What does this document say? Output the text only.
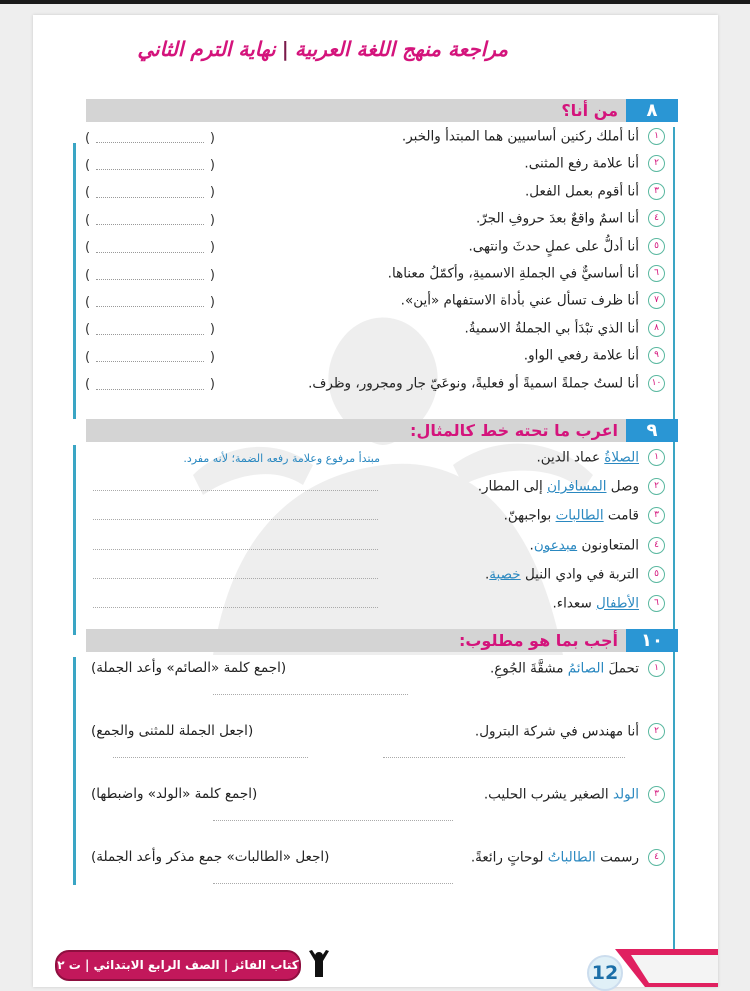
مراجعة منهج اللغة العربية|نهاية الترم الثاني
٨
من أنا؟
١أنا أملك ركنين أساسيين هما المبتدأ والخبر.
(	)
٢أنا علامة رفع المثنى.
(	)
٣أنا أقوم بعمل الفعل.
(	)
٤أنا اسمٌ واقعٌ بعدَ حروفِ الجرّ.
(	)
٥أنا أدلُّ على عملٍ حدثَ وانتهى.
(	)
٦أنا أساسيٌّ في الجملةِ الاسميةِ، وأكمّلُ معناها.
(	)
٧أنا ظرف تسأل عني بأداة الاستفهام «أين».
(	)
٨أنا الذي تبْدَأ بي الجملةُ الاسميةُ.
(	)
٩أنا علامة رفعي الواو.
(	)
١٠أنا لستُ جملةً اسميةً أو فعليةً، ونوعَيّ جار ومجرور، وظرف.
(	)
٩
اعرب ما تحته خط كالمثال:
مبتدأ مرفوع وعلامة رفعه الضمة؛ لأنه مفرد.	١الصلاةُ عماد الدين.
٢وصل المسافران إلى المطار.
٣قامت الطالبات بواجبهنّ.
٤المتعاونون مبدعون.
٥التربة في وادي النيل خصبة.
٦الأطفال سعداء.
١٠
أجب بما هو مطلوب:
١تحملَ الصائمُ مشقَّةَ الجُوعِ.
(اجمع كلمة «الصائم» وأعد الجملة)
٢أنا مهندس في شركة البترول.
(اجعل الجملة للمثنى والجمع)
٣الولد الصغير يشرب الحليب.
(اجمع كلمة «الولد» واضبطها)
٤رسمت الطالباتُ لوحاتٍ رائعةً.
(اجعل «الطالبات» جمع مذكر وأعد الجملة)
كتاب الفائز | الصف الرابع الابتدائي | ت ٢	12
